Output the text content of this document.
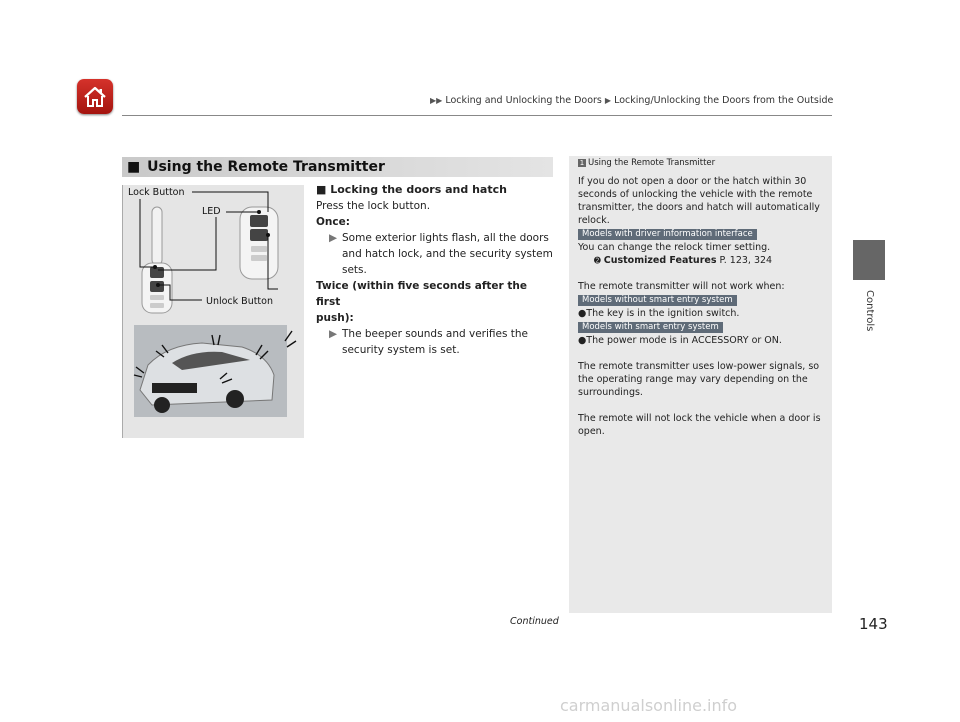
▶▶ Locking and Unlocking the Doors ▶ Locking/Unlocking the Doors from the Outside
Controls
■ Using the Remote Transmitter
Lock Button
LED
Unlock Button
■ Locking the doors and hatch
Press the lock button.
Once:
▶ Some exterior lights flash, all the doors
and hatch lock, and the security system
sets.
Twice (within five seconds after the first
push):
▶ The beeper sounds and verifies the
security system is set.
1 Using the Remote Transmitter

If you do not open a door or the hatch within 30

seconds of unlocking the vehicle with the remote

transmitter, the doors and hatch will automatically

relock.

Models with driver information interface

You can change the relock timer setting.

➋ Customized Features P. 123, 324

The remote transmitter will not work when:

Models without smart entry system

●The key is in the ignition switch.

Models with smart entry system

●The power mode is in ACCESSORY or ON.

The remote transmitter uses low-power signals, so

the operating range may vary depending on the

surroundings.

The remote will not lock the vehicle when a door is

open.

Continued	143
carmanualsonline.info
